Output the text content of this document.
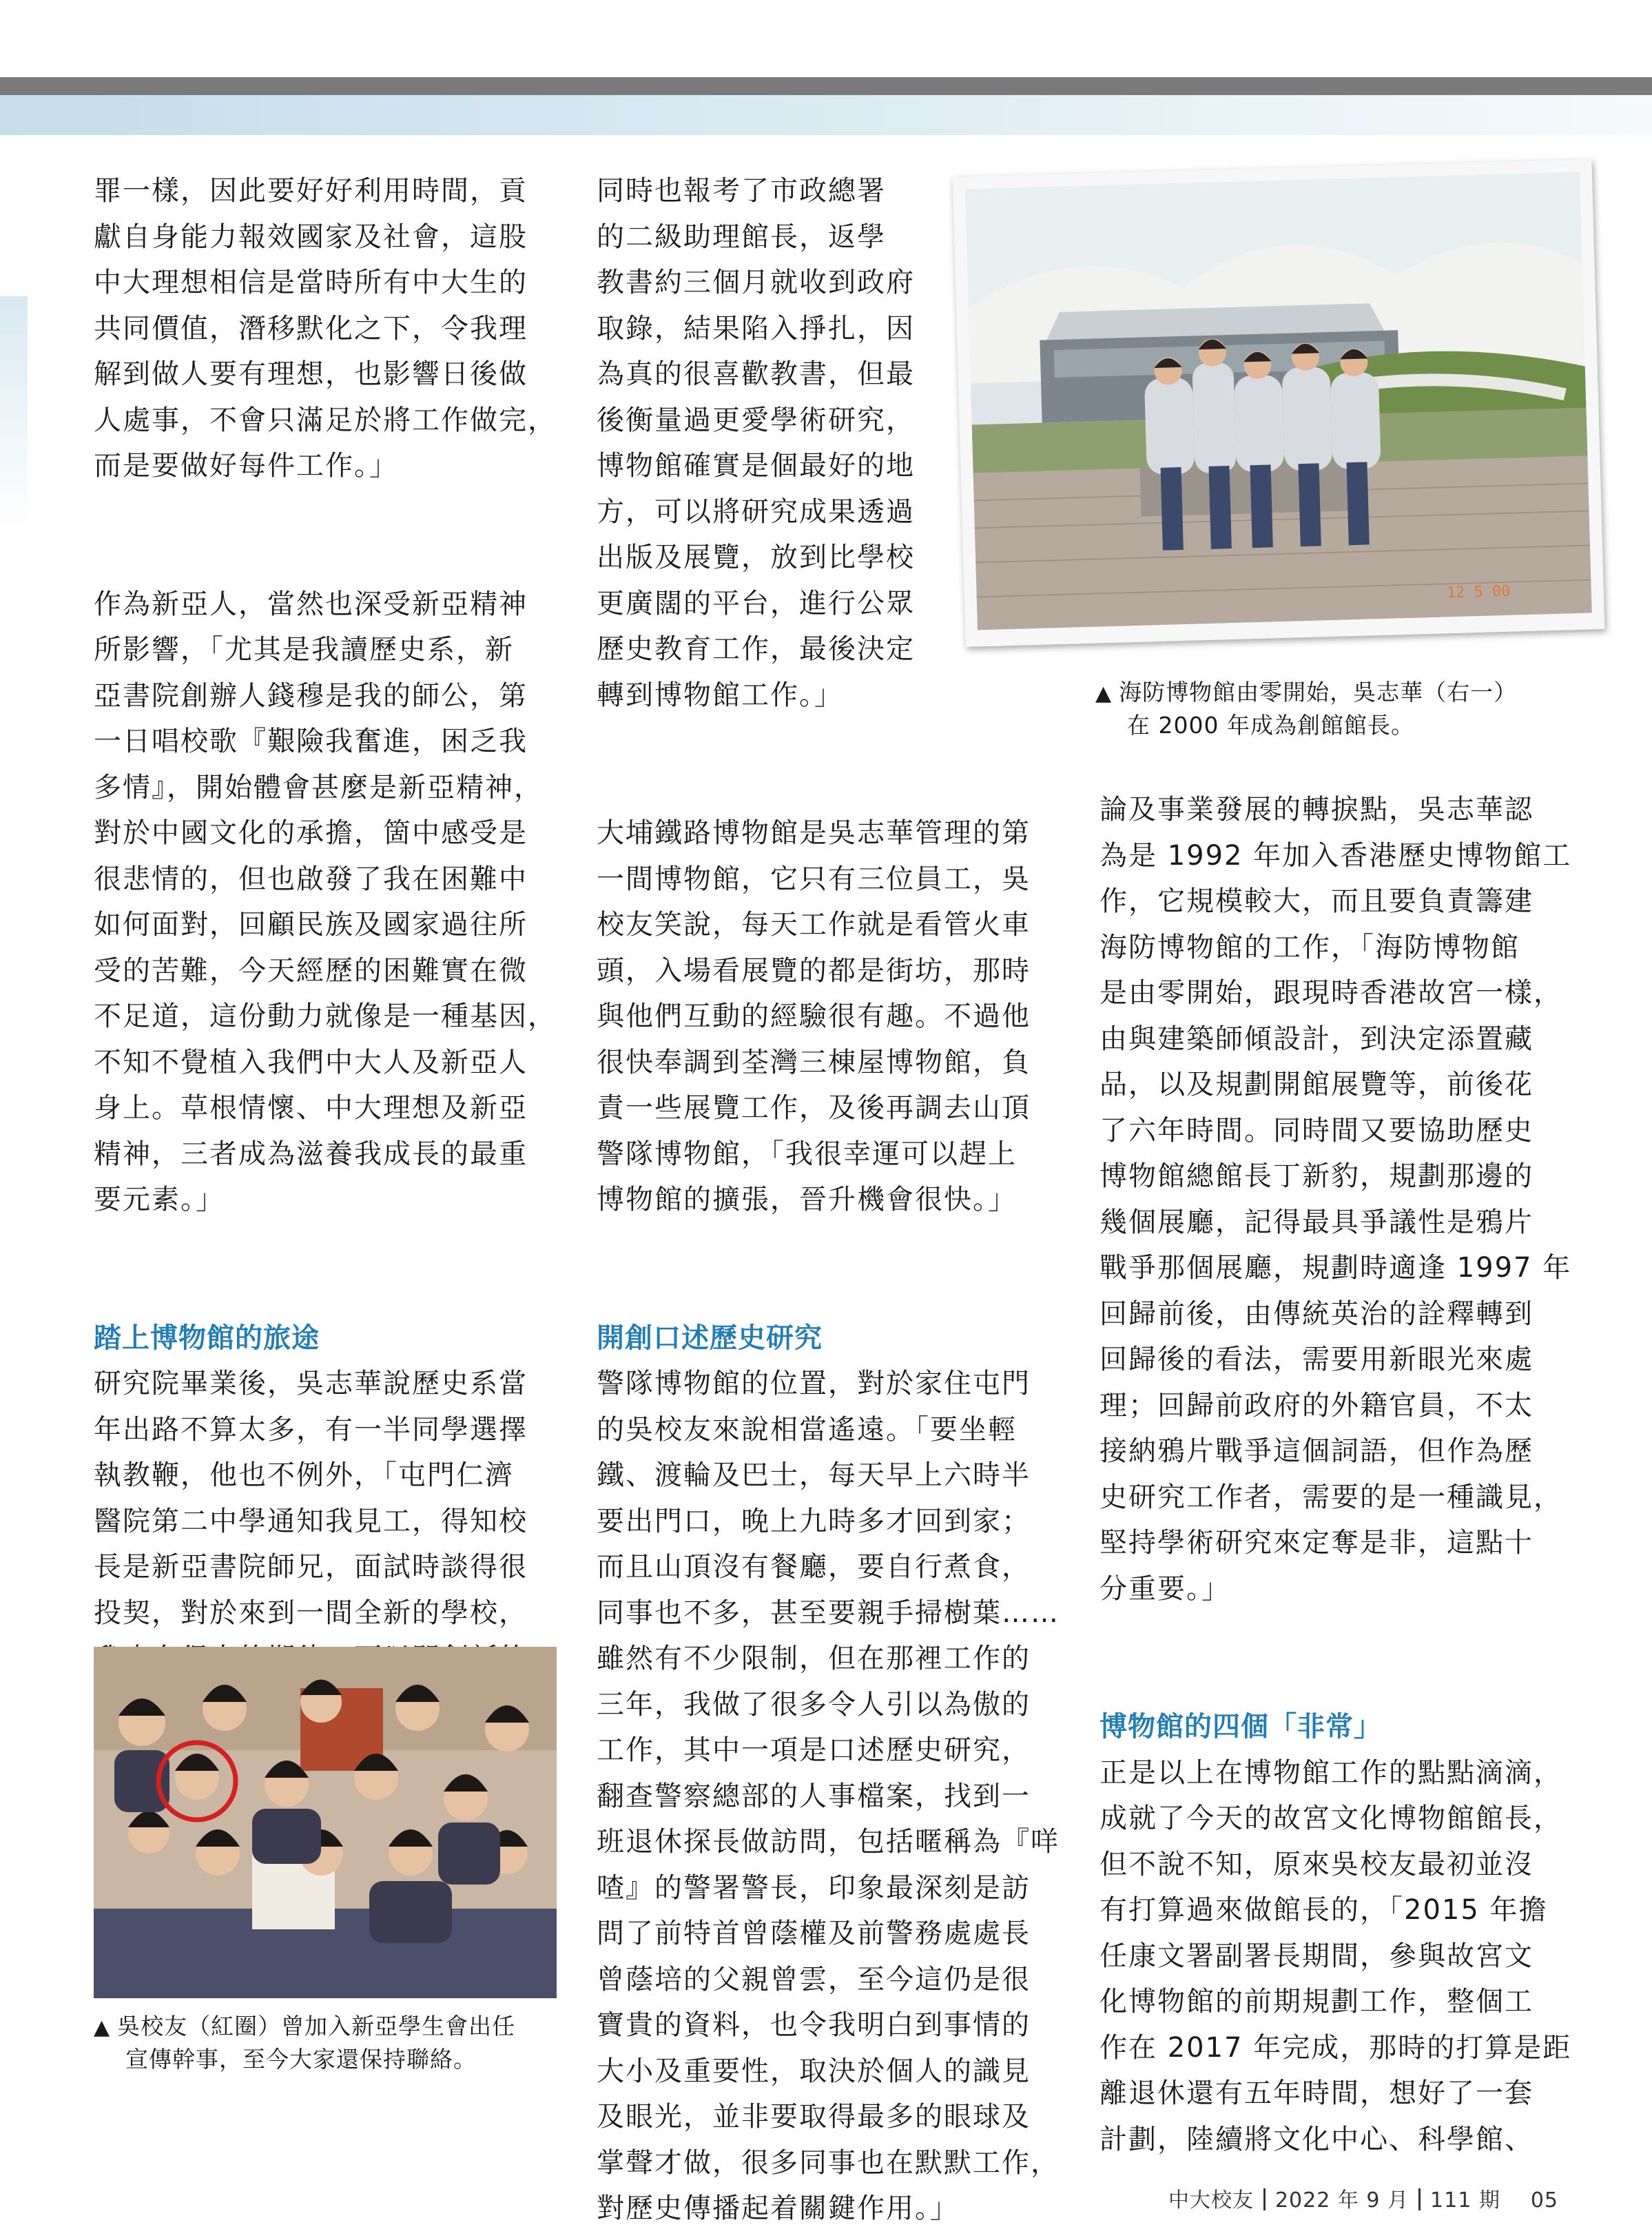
罪一樣，因此要好好利用時間，貢
獻自身能力報效國家及社會，這股
中大理想相信是當時所有中大生的
共同價值，潛移默化之下，令我理
解到做人要有理想，也影響日後做
人處事，不會只滿足於將工作做完，
而是要做好每件工作。」

作為新亞人，當然也深受新亞精神
所影響，「尤其是我讀歷史系，新
亞書院創辦人錢穆是我的師公，第
一日唱校歌『艱險我奮進，困乏我
多情』，開始體會甚麼是新亞精神，
對於中國文化的承擔，箇中感受是
很悲情的，但也啟發了我在困難中
如何面對，回顧民族及國家過往所
受的苦難，今天經歷的困難實在微
不足道，這份動力就像是一種基因，
不知不覺植入我們中大人及新亞人
身上。草根情懷、中大理想及新亞
精神，三者成為滋養我成長的最重
要元素。」

踏上博物館的旅途

研究院畢業後，吳志華說歷史系當
年出路不算太多，有一半同學選擇
執教鞭，他也不例外，「屯門仁濟
醫院第二中學通知我見工，得知校
長是新亞書院師兄，面試時談得很
投契，對於來到一間全新的學校，

同時也報考了市政總署
的二級助理館長，返學
教書約三個月就收到政府
取錄，結果陷入掙扎，因
為真的很喜歡教書，但最
後衡量過更愛學術研究，
博物館確實是個最好的地
方，可以將研究成果透過
出版及展覽，放到比學校
更廣闊的平台，進行公眾
歷史教育工作，最後決定
轉到博物館工作。」

大埔鐵路博物館是吳志華管理的第
一間博物館，它只有三位員工，吳
校友笑說，每天工作就是看管火車
頭，入場看展覽的都是街坊，那時
與他們互動的經驗很有趣。不過他
很快奉調到荃灣三棟屋博物館，負
責一些展覽工作，及後再調去山頂
警隊博物館，「我很幸運可以趕上
博物館的擴張，晉升機會很快。」

開創口述歷史研究

警隊博物館的位置，對於家住屯門
的吳校友來說相當遙遠。「要坐輕
鐵、渡輪及巴士，每天早上六時半
要出門口，晚上九時多才回到家；
而且山頂沒有餐廳，要自行煮食，
同事也不多，甚至要親手掃樹葉……
雖然有不少限制，但在那裡工作的
三年，我做了很多令人引以為傲的
工作，其中一項是口述歷史研究，
翻查警察總部的人事檔案，找到一
班退休探長做訪問，包括暱稱為『咩
喳』的警署警長，印象最深刻是訪
問了前特首曾蔭權及前警務處處長
曾蔭培的父親曾雲，至今這仍是很
寶貴的資料，也令我明白到事情的
大小及重要性，取決於個人的識見
及眼光，並非要取得最多的眼球及
掌聲才做，很多同事也在默默工作，
對歷史傳播起着關鍵作用。」

論及事業發展的轉捩點，吳志華認
為是 1992 年加入香港歷史博物館工
作，它規模較大，而且要負責籌建
海防博物館的工作，「海防博物館
是由零開始，跟現時香港故宮一樣，
由與建築師傾設計，到決定添置藏
品，以及規劃開館展覽等，前後花
了六年時間。同時間又要協助歷史
博物館總館長丁新豹，規劃那邊的
幾個展廳，記得最具爭議性是鴉片
戰爭那個展廳，規劃時適逢 1997 年
回歸前後，由傳統英治的詮釋轉到
回歸後的看法，需要用新眼光來處
理；回歸前政府的外籍官員，不太
接納鴉片戰爭這個詞語，但作為歷
史研究工作者，需要的是一種識見，
堅持學術研究來定奪是非，這點十
分重要。」

博物館的四個「非常」

正是以上在博物館工作的點點滴滴，
成就了今天的故宮文化博物館館長，
但不說不知，原來吳校友最初並沒
有打算過來做館長的，「2015 年擔
任康文署副署長期間，參與故宮文
化博物館的前期規劃工作，整個工
作在 2017 年完成，那時的打算是距
離退休還有五年時間，想好了一套
計劃，陸續將文化中心、科學館、

12 5 00
▲ 海防博物館由零開始，吳志華（右一）
在 2000 年成為創館館長。
▲ 吳校友（紅圈）曾加入新亞學生會出任
宣傳幹事，至今大家還保持聯絡。
中大校友 2022 年 9 月 111 期 05
